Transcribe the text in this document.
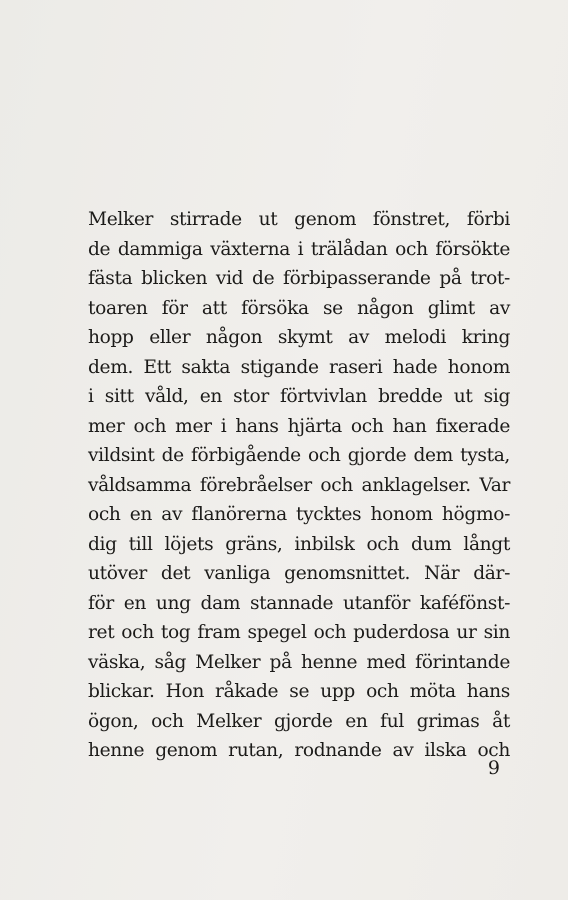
Melker stirrade ut genom fönstret, förbi
de dammiga växterna i trälådan och försökte
fästa blicken vid de förbipasserande på trot-
toaren för att försöka se någon glimt av
hopp eller någon skymt av melodi kring
dem. Ett sakta stigande raseri hade honom
i sitt våld, en stor förtvivlan bredde ut sig
mer och mer i hans hjärta och han fixerade
vildsint de förbigående och gjorde dem tysta,
våldsamma förebråelser och anklagelser. Var
och en av flanörerna tycktes honom högmo-
dig till löjets gräns, inbilsk och dum långt
utöver det vanliga genomsnittet. När där-
för en ung dam stannade utanför kaféfönst-
ret och tog fram spegel och puderdosa ur sin
väska, såg Melker på henne med förintande
blickar. Hon råkade se upp och möta hans
ögon, och Melker gjorde en ful grimas åt
henne genom rutan, rodnande av ilska och
9
